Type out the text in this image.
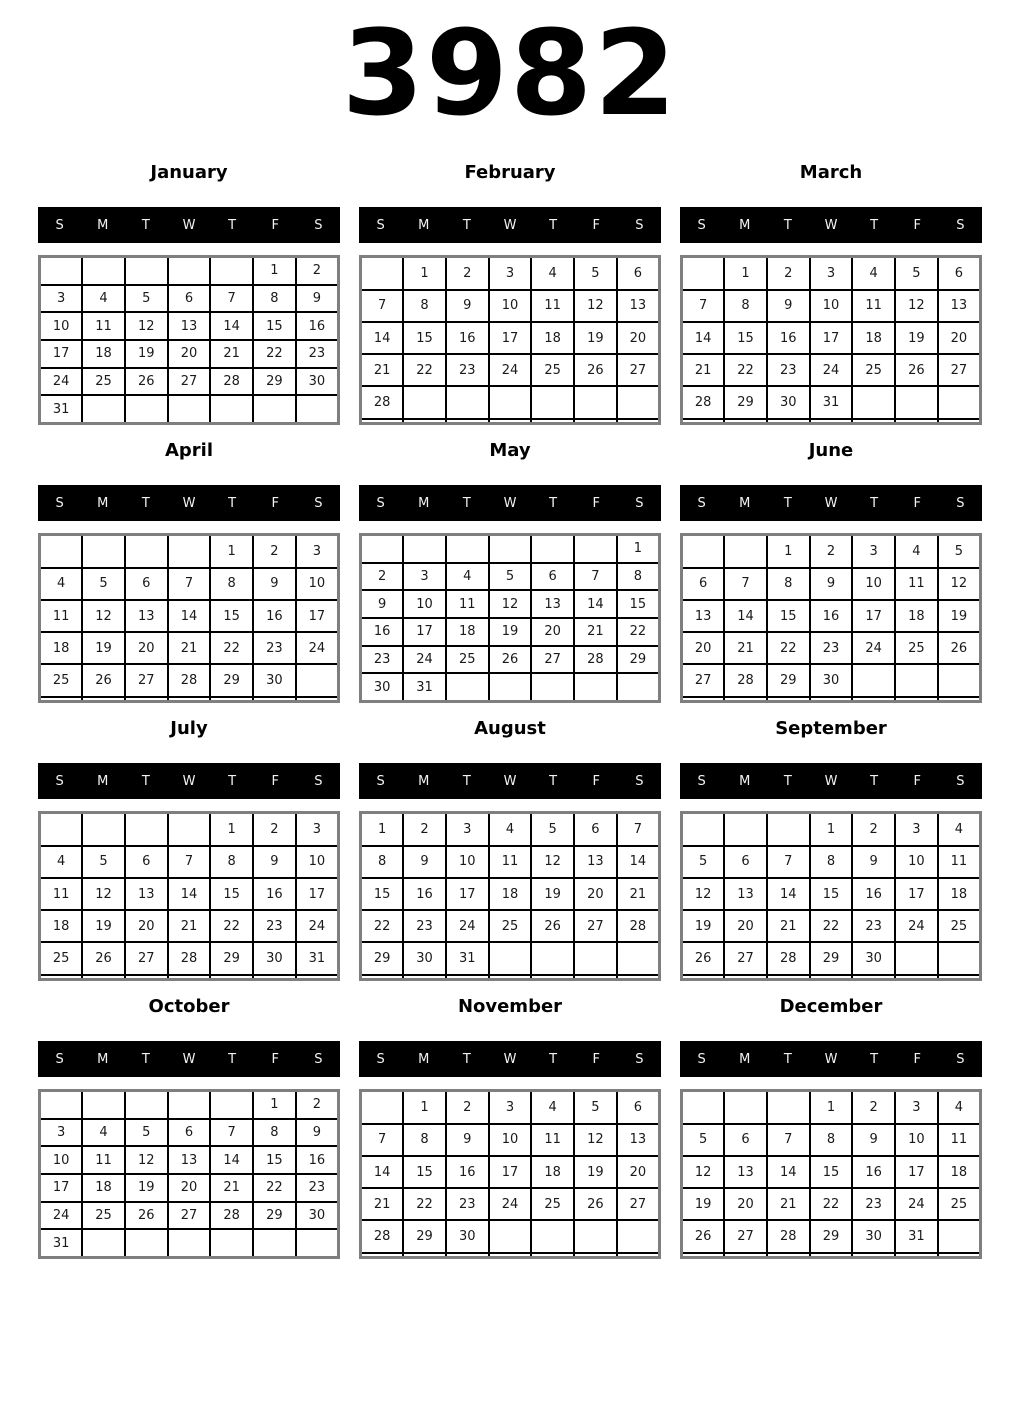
3982
January
S	M	T	W	T	F	S
					1	2
3	4	5	6	7	8	9
10	11	12	13	14	15	16
17	18	19	20	21	22	23
24	25	26	27	28	29	30
31						
February
S	M	T	W	T	F	S
	1	2	3	4	5	6
7	8	9	10	11	12	13
14	15	16	17	18	19	20
21	22	23	24	25	26	27
28						

March
S	M	T	W	T	F	S
	1	2	3	4	5	6
7	8	9	10	11	12	13
14	15	16	17	18	19	20
21	22	23	24	25	26	27
28	29	30	31			

April
S	M	T	W	T	F	S
				1	2	3
4	5	6	7	8	9	10
11	12	13	14	15	16	17
18	19	20	21	22	23	24
25	26	27	28	29	30	

May
S	M	T	W	T	F	S
						1
2	3	4	5	6	7	8
9	10	11	12	13	14	15
16	17	18	19	20	21	22
23	24	25	26	27	28	29
30	31					
June
S	M	T	W	T	F	S
		1	2	3	4	5
6	7	8	9	10	11	12
13	14	15	16	17	18	19
20	21	22	23	24	25	26
27	28	29	30			

July
S	M	T	W	T	F	S
				1	2	3
4	5	6	7	8	9	10
11	12	13	14	15	16	17
18	19	20	21	22	23	24
25	26	27	28	29	30	31

August
S	M	T	W	T	F	S
1	2	3	4	5	6	7
8	9	10	11	12	13	14
15	16	17	18	19	20	21
22	23	24	25	26	27	28
29	30	31				

September
S	M	T	W	T	F	S
			1	2	3	4
5	6	7	8	9	10	11
12	13	14	15	16	17	18
19	20	21	22	23	24	25
26	27	28	29	30		

October
S	M	T	W	T	F	S
					1	2
3	4	5	6	7	8	9
10	11	12	13	14	15	16
17	18	19	20	21	22	23
24	25	26	27	28	29	30
31						
November
S	M	T	W	T	F	S
	1	2	3	4	5	6
7	8	9	10	11	12	13
14	15	16	17	18	19	20
21	22	23	24	25	26	27
28	29	30				

December
S	M	T	W	T	F	S
			1	2	3	4
5	6	7	8	9	10	11
12	13	14	15	16	17	18
19	20	21	22	23	24	25
26	27	28	29	30	31	
